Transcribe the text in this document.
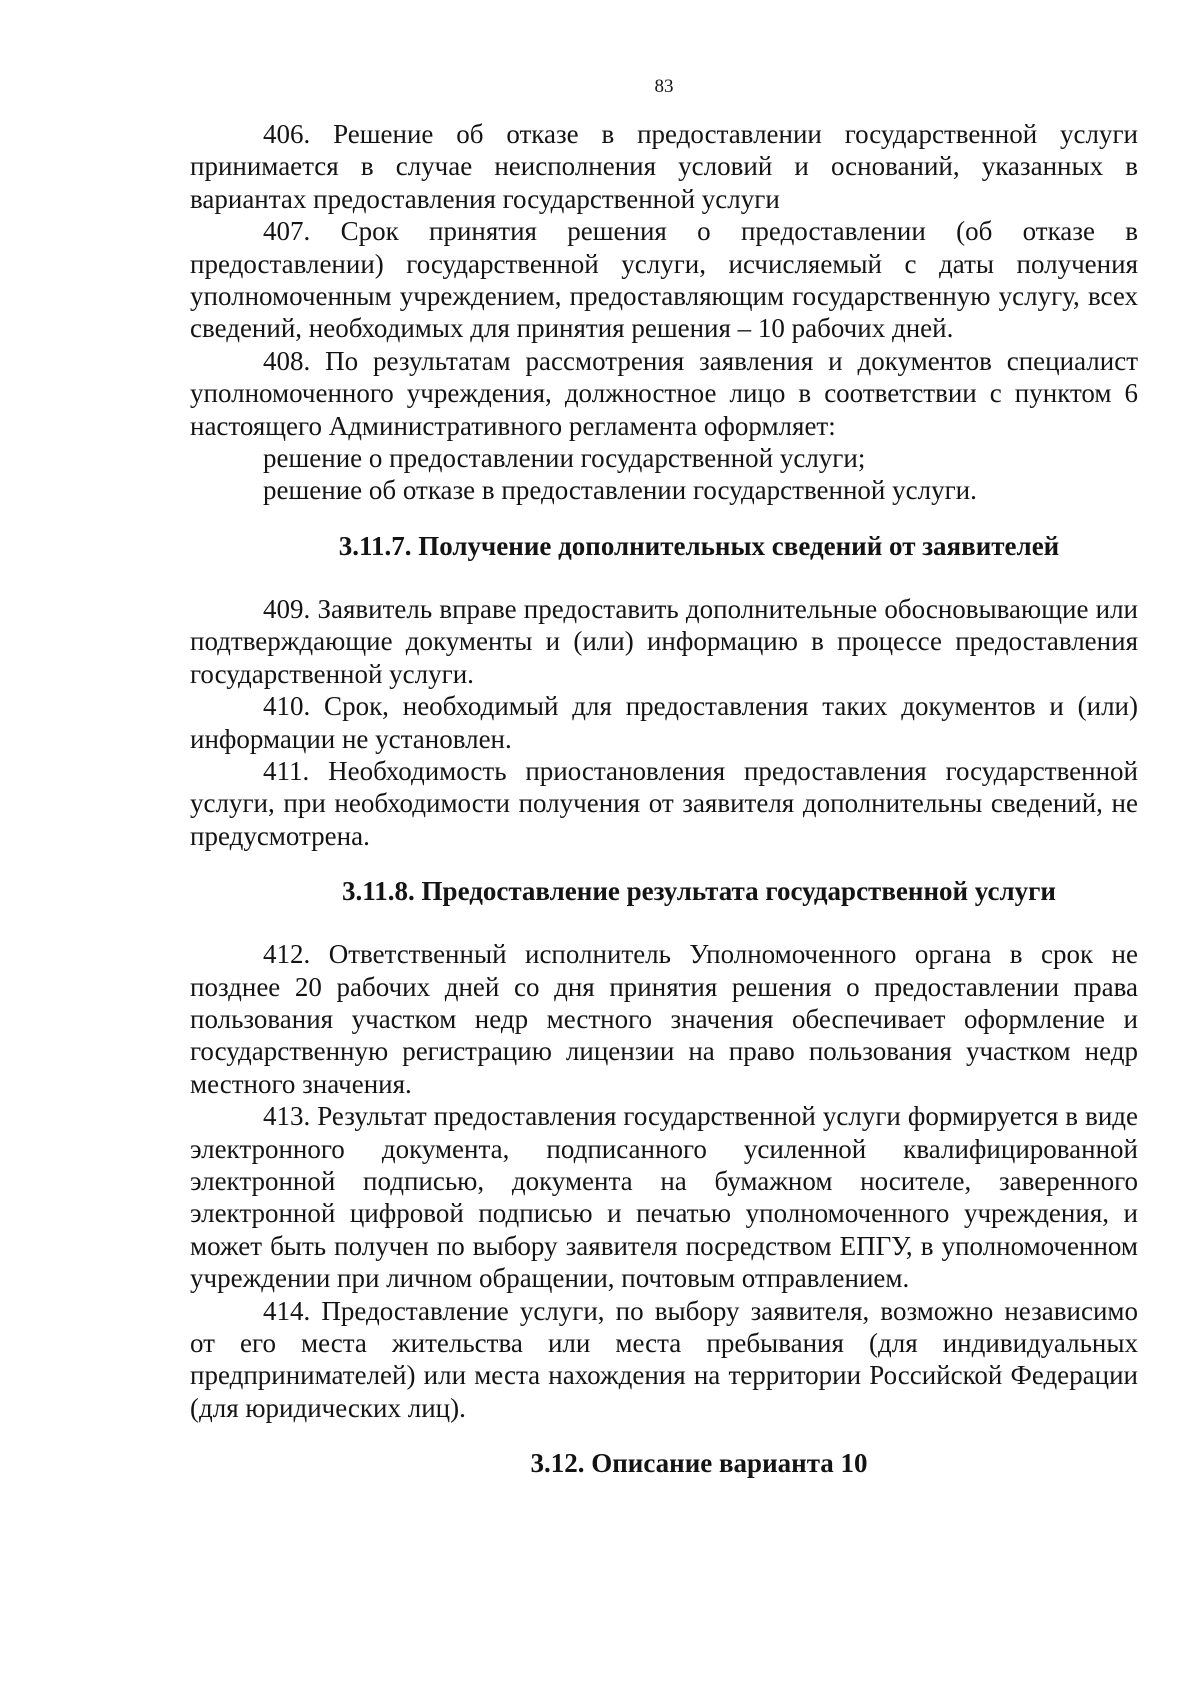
83

406. Решение об отказе в предоставлении государственной услуги принимается в случае неисполнения условий и оснований, указанных в вариантах предоставления государственной услуги

407. Срок принятия решения о предоставлении (об отказе в предоставлении) государственной услуги, исчисляемый с даты получения уполномоченным учреждением, предоставляющим государственную услугу, всех сведений, необходимых для принятия решения – 10 рабочих дней.

408. По результатам рассмотрения заявления и документов специалист уполномоченного учреждения, должностное лицо в соответствии с пунктом 6 настоящего Административного регламента оформляет:

решение о предоставлении государственной услуги;

решение об отказе в предоставлении государственной услуги.

3.11.7. Получение дополнительных сведений от заявителей

409. Заявитель вправе предоставить дополнительные обосновывающие или подтверждающие документы и (или) информацию в процессе предоставления государственной услуги.

410. Срок, необходимый для предоставления таких документов и (или) информации не установлен.

411. Необходимость приостановления предоставления государственной услуги, при необходимости получения от заявителя дополнительны сведений, не предусмотрена.

3.11.8. Предоставление результата государственной услуги

412. Ответственный исполнитель Уполномоченного органа в срок не позднее 20 рабочих дней со дня принятия решения о предоставлении права пользования участком недр местного значения обеспечивает оформление и государственную регистрацию лицензии на право пользования участком недр местного значения.

413. Результат предоставления государственной услуги формируется в виде электронного документа, подписанного усиленной квалифицированной электронной подписью, документа на бумажном носителе, заверенного электронной цифровой подписью и печатью уполномоченного учреждения, и может быть получен по выбору заявителя посредством ЕПГУ, в уполномоченном учреждении при личном обращении, почтовым отправлением.

414. Предоставление услуги, по выбору заявителя, возможно независимо от его места жительства или места пребывания (для индивидуальных предпринимателей) или места нахождения на территории Российской Федерации (для юридических лиц).

3.12. Описание варианта 10
